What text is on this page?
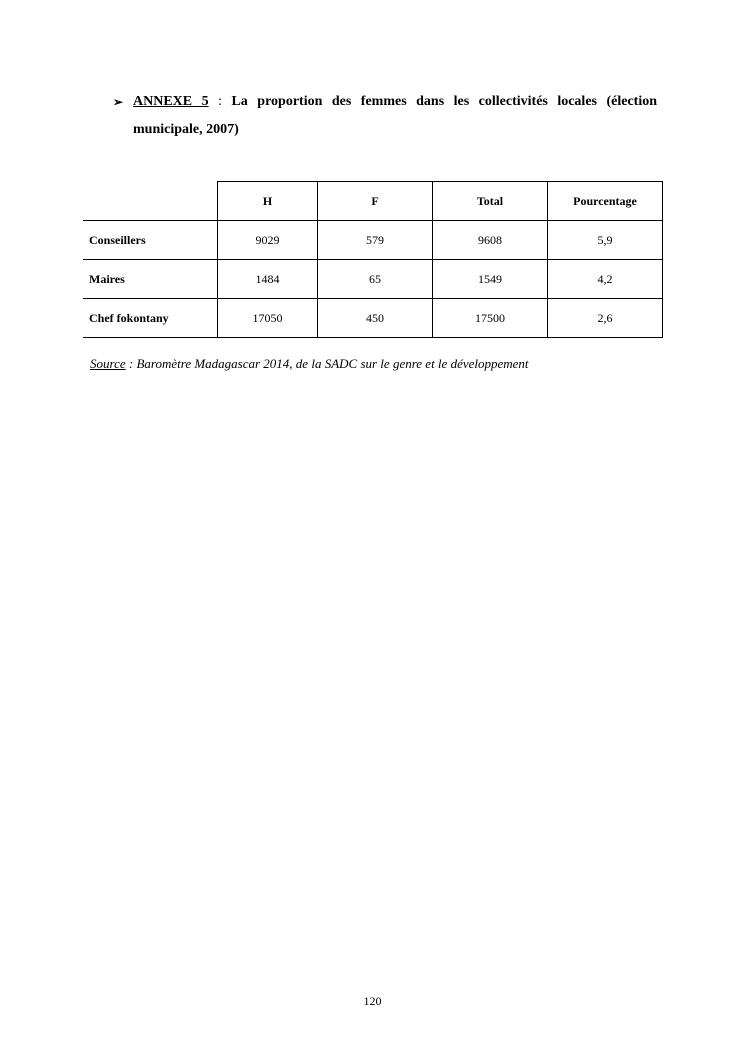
➢ ANNEXE 5 : La proportion des femmes dans les collectivités locales (élection municipale, 2007)
	H	F	Total	Pourcentage
Conseillers	9029	579	9608	5,9
Maires	1484	65	1549	4,2
Chef fokontany	17050	450	17500	2,6
Source : Baromètre Madagascar 2014, de la SADC sur le genre et le développement
120
